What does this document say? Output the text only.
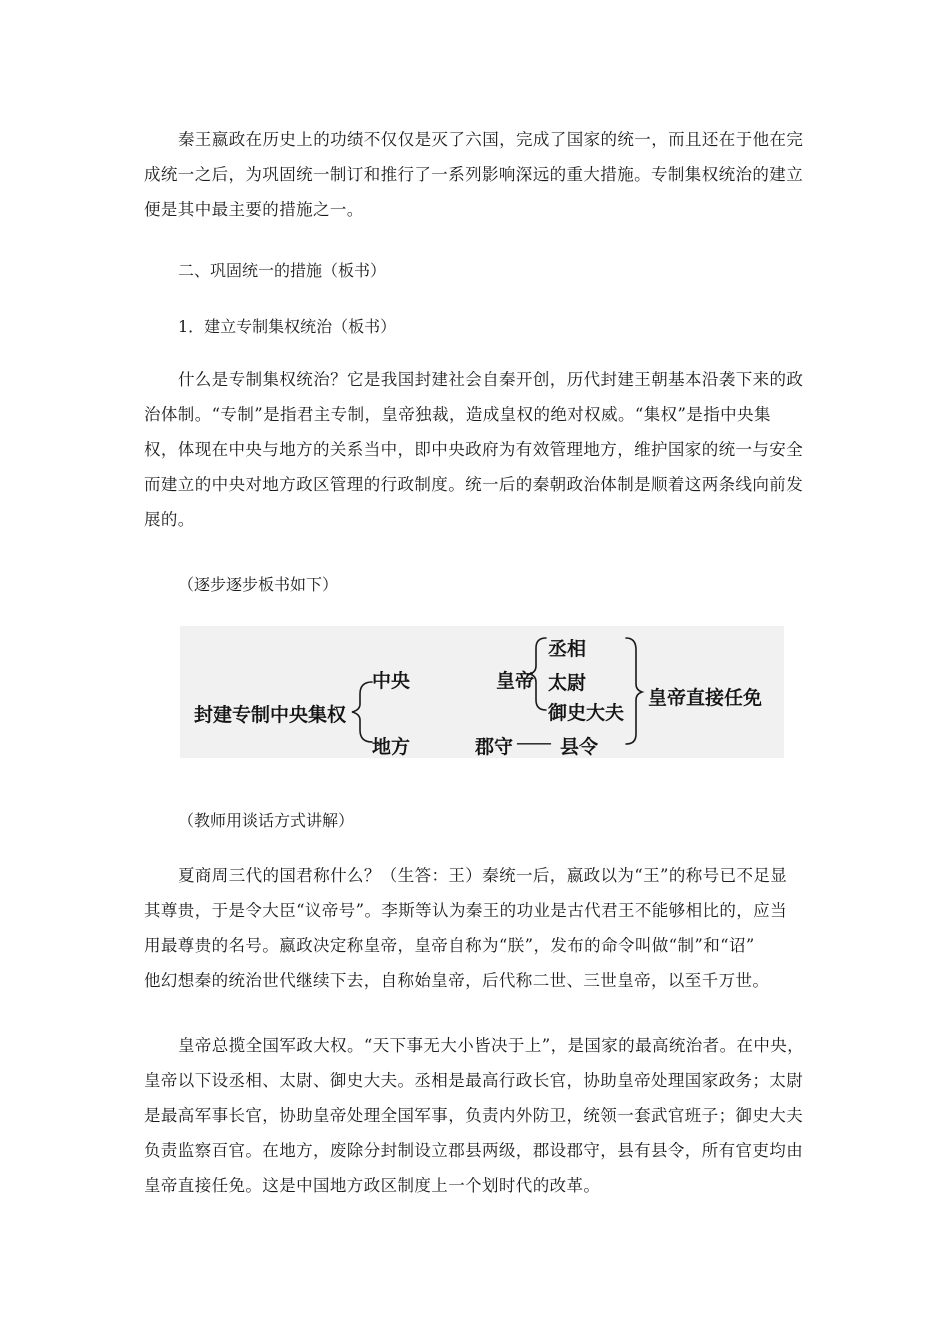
秦王嬴政在历史上的功绩不仅仅是灭了六国，完成了国家的统一，而且还在于他在完
成统一之后，为巩固统一制订和推行了一系列影响深远的重大措施。专制集权统治的建立
便是其中最主要的措施之一。

二、巩固统一的措施（板书）

1．建立专制集权统治（板书）

什么是专制集权统治？它是我国封建社会自秦开创，历代封建王朝基本沿袭下来的政
治体制。“专制”是指君主专制，皇帝独裁，造成皇权的绝对权威。“集权”是指中央集
权，体现在中央与地方的关系当中，即中央政府为有效管理地方，维护国家的统一与安全
而建立的中央对地方政区管理的行政制度。统一后的秦朝政治体制是顺着这两条线向前发
展的。

（逐步逐步板书如下）

封建专制中央集权
中央
地方
皇帝
丞相
太尉
御史大夫
皇帝直接任免
郡守 —— 县令

（教师用谈话方式讲解）

夏商周三代的国君称什么？（生答：王）秦统一后，嬴政以为“王”的称号已不足显
其尊贵，于是令大臣“议帝号”。李斯等认为秦王的功业是古代君王不能够相比的，应当
用最尊贵的名号。嬴政决定称皇帝，皇帝自称为“朕”，发布的命令叫做“制”和“诏”
他幻想秦的统治世代继续下去，自称始皇帝，后代称二世、三世皇帝，以至千万世。

皇帝总揽全国军政大权。“天下事无大小皆决于上”，是国家的最高统治者。在中央，
皇帝以下设丞相、太尉、御史大夫。丞相是最高行政长官，协助皇帝处理国家政务；太尉
是最高军事长官，协助皇帝处理全国军事，负责内外防卫，统领一套武官班子；御史大夫
负责监察百官。在地方，废除分封制设立郡县两级，郡设郡守，县有县令，所有官吏均由
皇帝直接任免。这是中国地方政区制度上一个划时代的改革。
